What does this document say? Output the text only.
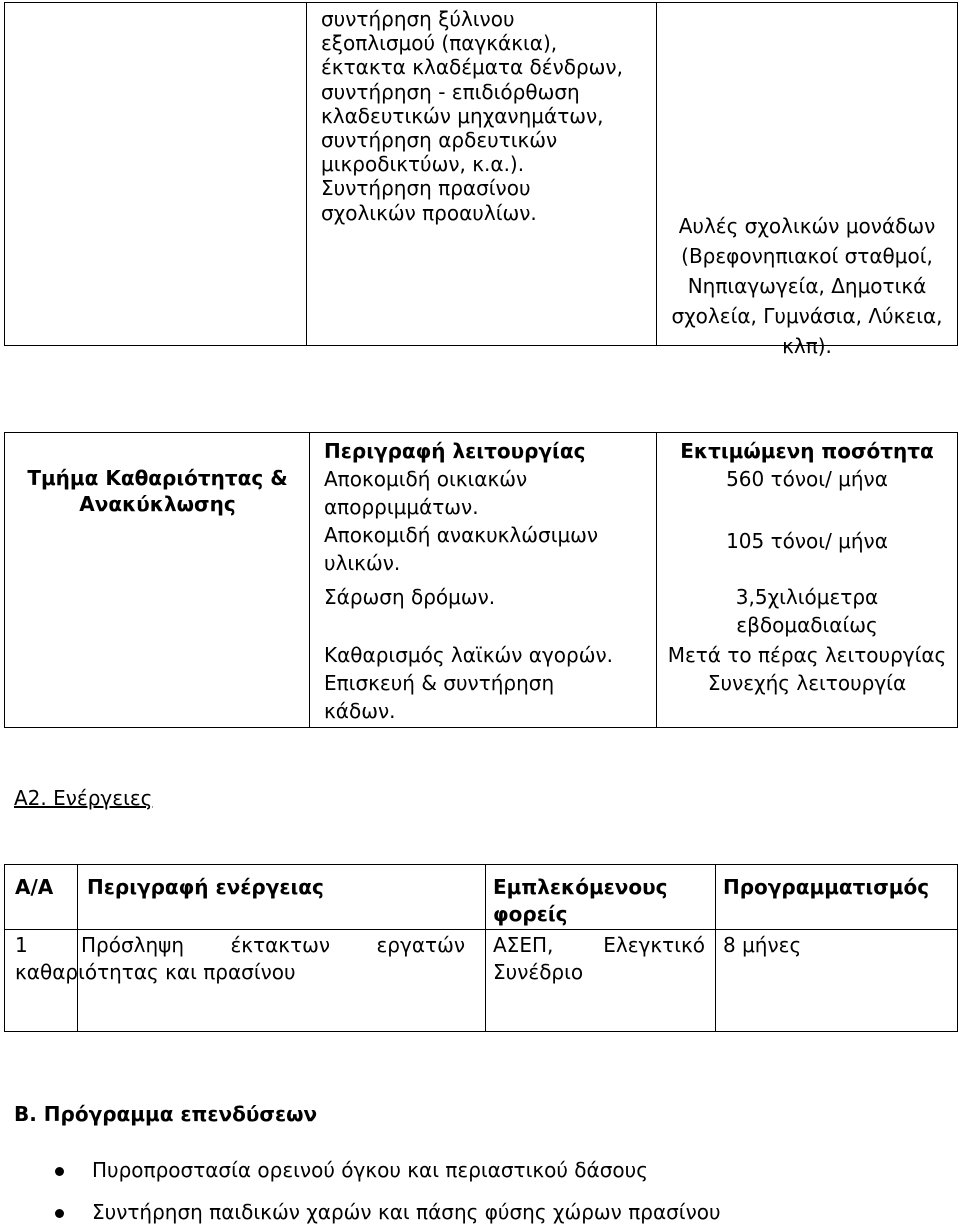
συντήρηση ξύλινου
εξοπλισμού (παγκάκια),
έκτακτα κλαδέματα δένδρων,
συντήρηση - επιδιόρθωση
κλαδευτικών μηχανημάτων,
συντήρηση αρδευτικών
μικροδικτύων, κ.α.).
Συντήρηση πρασίνου
σχολικών προαυλίων.
Αυλές σχολικών μονάδων
(Βρεφονηπιακοί σταθμοί,
Νηπιαγωγεία, Δημοτικά
σχολεία, Γυμνάσια, Λύκεια,
κλπ).
Τμήμα Καθαριότητας &
Ανακύκλωσης
Περιγραφή λειτουργίας
Αποκομιδή οικιακών
απορριμμάτων.
Αποκομιδή ανακυκλώσιμων
υλικών.
Σάρωση δρόμων.
Καθαρισμός λαϊκών αγορών.
Επισκευή & συντήρηση
κάδων.
Εκτιμώμενη ποσότητα
560 τόνοι/ μήνα
105 τόνοι/ μήνα
3,5χιλιόμετρα
εβδομαδιαίως
Μετά το πέρας λειτουργίας
Συνεχής λειτουργία
Α2. Ενέργειες
Α/Α Περιγραφή ενέργειας	Εμπλεκόμενους
φορείς
Προγραμματισμός
1	Πρόσληψη έκτακτων εργατών
καθαριότητας και πρασίνου
ΑΣΕΠ, Ελεγκτικό
Συνέδριο
8 μήνες
Β. Πρόγραμμα επενδύσεων
Πυροπροστασία ορεινού όγκου και περιαστικού δάσους
Συντήρηση παιδικών χαρών και πάσης φύσης χώρων πρασίνου
